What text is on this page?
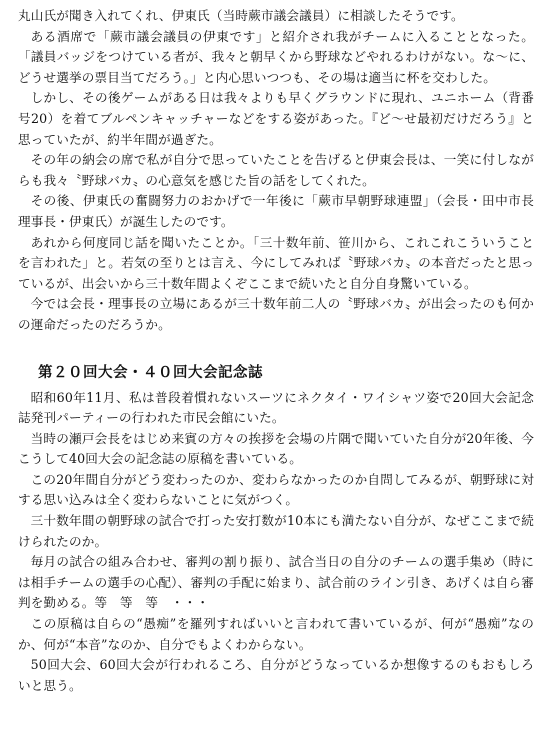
丸山氏が聞き入れてくれ、伊東氏（当時蕨市議会議員）に相談したそうです。

ある酒席で「蕨市議会議員の伊東です」と紹介され我がチームに入ることとなった。「議員バッジをつけている者が、我々と朝早くから野球などやれるわけがない。な〜に、どうせ選挙の票目当てだろう。」と内心思いつつも、その場は適当に杯を交わした。

しかし、その後ゲームがある日は我々よりも早くグラウンドに現れ、ユニホーム（背番号20）を着てブルペンキャッチャーなどをする姿があった。『ど〜せ最初だけだろう』と思っていたが、約半年間が過ぎた。

その年の納会の席で私が自分で思っていたことを告げると伊東会長は、一笑に付しながらも我々〝野球バカ〟の心意気を感じた旨の話をしてくれた。

その後、伊東氏の奮闘努力のおかげで一年後に「蕨市早朝野球連盟」（会長・田中市長　理事長・伊東氏）が誕生したのです。

あれから何度同じ話を聞いたことか。「三十数年前、笹川から、これこれこういうことを言われた」と。若気の至りとは言え、今にしてみれば〝野球バカ〟の本音だったと思っているが、出会いから三十数年間よくぞここまで続いたと自分自身驚いている。

今では会長・理事長の立場にあるが三十数年前二人の〝野球バカ〟が出会ったのも何かの運命だったのだろうか。

第２０回大会・４０回大会記念誌

昭和60年11月、私は普段着慣れないスーツにネクタイ・ワイシャツ姿で20回大会記念誌発刊パーティーの行われた市民会館にいた。

当時の瀬戸会長をはじめ来賓の方々の挨拶を会場の片隅で聞いていた自分が20年後、今こうして40回大会の記念誌の原稿を書いている。

この20年間自分がどう変わったのか、変わらなかったのか自問してみるが、朝野球に対する思い込みは全く変わらないことに気がつく。

三十数年間の朝野球の試合で打った安打数が10本にも満たない自分が、なぜここまで続けられたのか。

毎月の試合の組み合わせ、審判の割り振り、試合当日の自分のチームの選手集め（時には相手チームの選手の心配）、審判の手配に始まり、試合前のライン引き、あげくは自ら審判を勤める。等　等　等　・・・

この原稿は自らの“愚痴”を羅列すればいいと言われて書いているが、何が“愚痴”なのか、何が“本音”なのか、自分でもよくわからない。

50回大会、60回大会が行われるころ、自分がどうなっているか想像するのもおもしろいと思う。
